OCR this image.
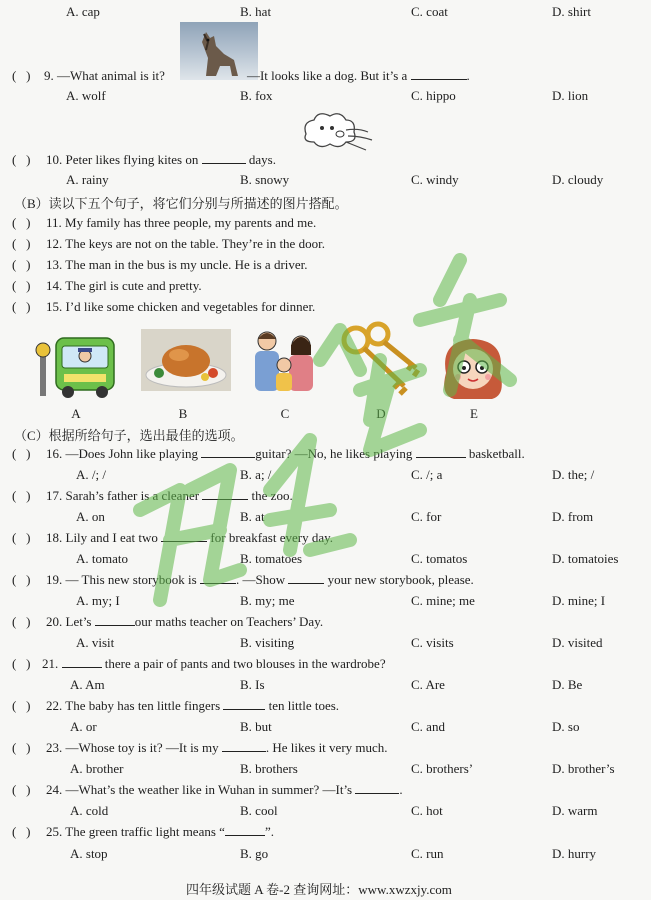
A. cap	B. hat	C. coat	D. shirt
( ) 9. —What animal is it?	—It looks like a dog. But it’s a	.
A. wolf	B. fox	C. hippo	D. lion
( ) 10. Peter likes flying kites on	days.
A. rainy	B. snowy	C. windy	D. cloudy
（B）读以下五个句子，将它们分别与所描述的图片搭配。
( ) 11. My family has three people, my parents and me.
( ) 12. The keys are not on the table. They’re in the door.
( ) 13. The man in the bus is my uncle. He is a driver.
( ) 14. The girl is cute and pretty.
( ) 15. I’d like some chicken and vegetables for dinner.
A	B	C	D	E
（C）根据所给句子，选出最佳的选项。
( ) 16. —Does John like playing	guitar? —No, he likes playing	basketball.
A. /; /	B. a; /	C. /; a	D. the; /
( ) 17. Sarah’s father is a cleaner	the zoo.
A. on	B. at	C. for	D. from
( ) 18. Lily and I eat two	for breakfast every day.
A. tomato	B. tomatoes	C. tomatos	D. tomatoies
( ) 19. — This new storybook is	. —Show	your new storybook, please.
A. my; I	B. my; me	C. mine; me	D. mine; I
( ) 20. Let’s	our maths teacher on Teachers’ Day.
A. visit	B. visiting	C. visits	D. visited
( ) 21.	there a pair of pants and two blouses in the wardrobe?
A. Am	B. Is	C. Are	D. Be
( ) 22. The baby has ten little fingers	ten little toes.
A. or	B. but	C. and	D. so
( ) 23. —Whose toy is it? —It is my	. He likes it very much.
A. brother	B. brothers	C. brothers’	D. brother’s
( ) 24. —What’s the weather like in Wuhan in summer? —It’s	.
A. cold	B. cool	C. hot	D. warm
( ) 25. The green traffic light means “	”.
A. stop	B. go	C. run	D. hurry
四年级试题 A 卷-2 查询网址：www.xwzxjy.com
